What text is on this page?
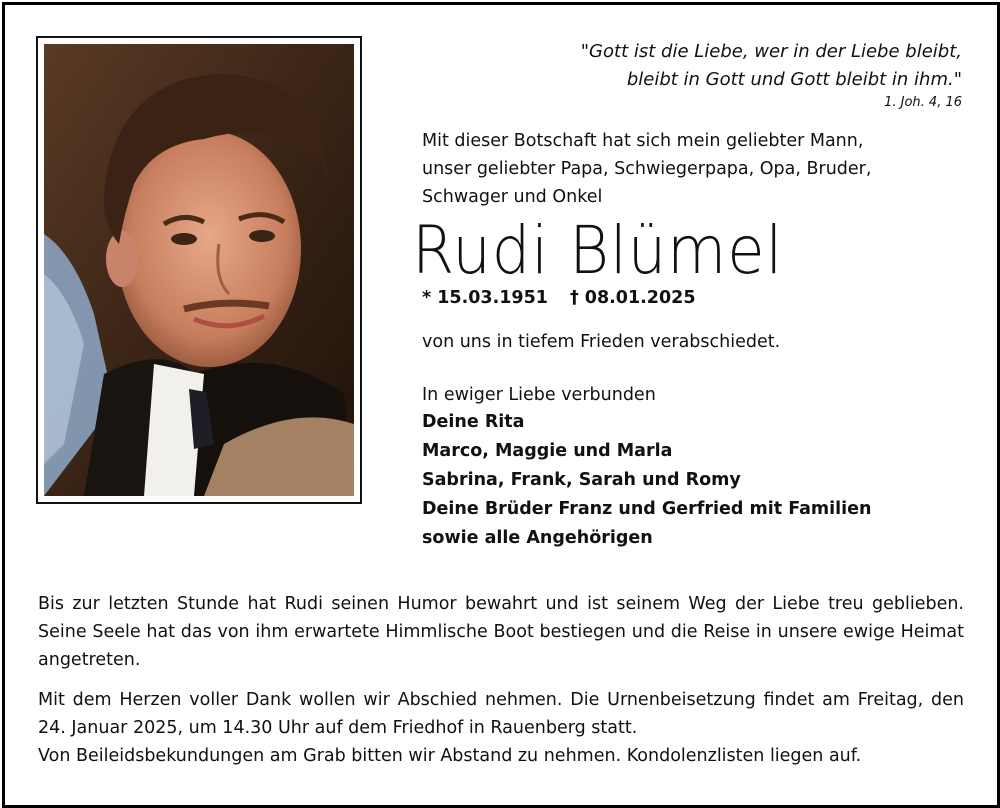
"Gott ist die Liebe, wer in der Liebe bleibt,
bleibt in Gott und Gott bleibt in ihm."
1. Joh. 4, 16
Mit dieser Botschaft hat sich mein geliebter Mann,
unser geliebter Papa, Schwiegerpapa, Opa, Bruder,
Schwager und Onkel
Rudi Blümel
* 15.03.1951 † 08.01.2025
von uns in tiefem Frieden verabschiedet.
In ewiger Liebe verbunden
Deine Rita
Marco, Maggie und Marla
Sabrina, Frank, Sarah und Romy
Deine Brüder Franz und Gerfried mit Familien
sowie alle Angehörigen
Bis zur letzten Stunde hat Rudi seinen Humor bewahrt und ist seinem Weg der Liebe treu geblieben. Seine Seele hat das von ihm erwartete Himmlische Boot bestiegen und die Reise in unsere ewige Heimat angetreten.
Mit dem Herzen voller Dank wollen wir Abschied nehmen. Die Urnenbeisetzung findet am Freitag, den 24. Januar 2025, um 14.30 Uhr auf dem Friedhof in Rauenberg statt.
Von Beileidsbekundungen am Grab bitten wir Abstand zu nehmen. Kondolenzlisten liegen auf.
